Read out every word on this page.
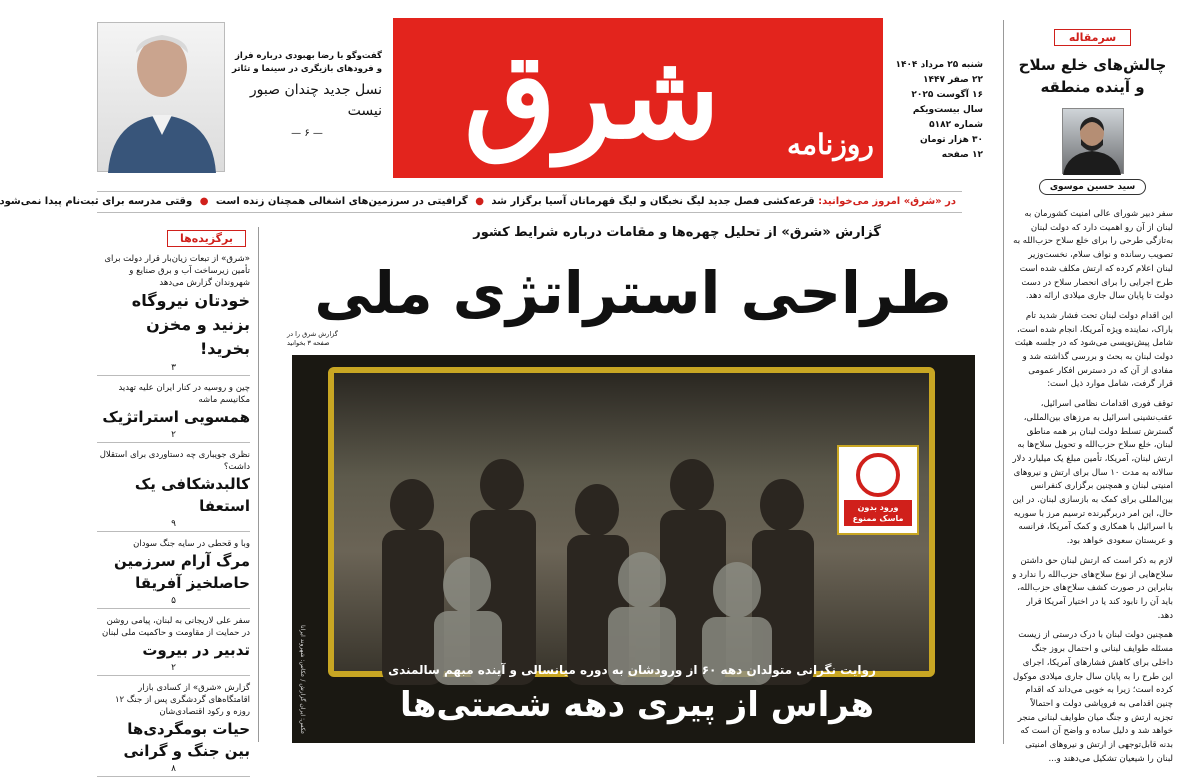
گفت‌وگو با رضا بهبودی درباره فراز و فرودهای بازیگری در سینما و تئاتر
نسل جدید چندان صبور نیست
— ۶ —	شرق	روزنامه
شنبه ۲۵ مرداد ۱۴۰۴
۲۲ صفر ۱۴۴۷
۱۶ آگوست ۲۰۲۵
سال بیست‌ویکم
شماره ۵۱۸۲
۳۰ هزار تومان
۱۲ صفحه
سرمقاله
چالش‌های خلع سلاح و آینده منطقه
سید حسین موسوی
در «شرق» امروز می‌خوانید: قرعه‌کشی فصل جدید لیگ نخبگان و لیگ قهرمانان آسیا برگزار شد ● گرافیتی در سرزمین‌های اشغالی همچنان زنده است ● وقتی مدرسه برای ثبت‌نام پیدا نمی‌شود
برگزیده‌ها
«شرق» از تبعات زیان‌بار قرار دولت برای تأمین زیرساخت آب و برق صنایع و شهروندان گزارش می‌دهد
خودتان نیروگاه بزنید و مخزن بخرید!
۳
چین و روسیه در کنار ایران علیه تهدید مکانیسم ماشه
همسویی استراتژیک
۲
نظری جویباری چه دستاوردی برای استقلال داشت؟
کالبدشکافی یک استعفا
۹
وبا و قحطی در سایه جنگ سودان
مرگ آرام سرزمین حاصلخیز آفریقا
۵
سفر علی لاریجانی به لبنان، پیامی روشن در حمایت از مقاومت و حاکمیت ملی لبنان
تدبیر در بیروت
۲
گزارش «شرق» از کسادی بازار اقامتگاه‌های گردشگری پس از جنگ ۱۲ روزه و رکود اقتصادی‌شان
حیات بومگردی‌ها بین جنگ و گرانی
۸
گزارش «شرق» از تحلیل چهره‌ها و مقامات درباره شرایط کشور
طراحی استراتژی ملی
گزارش شرق را در صفحه ۳ بخوانید
ورود بدون ماسک ممنوع
عکس: ایران گزارش / عکاس: شهروند ایرانا	روایت نگرانی متولدان دهه ۶۰ از ورودشان به دوره میانسالی و آینده مبهم سالمندی
هراس از پیری دهه شصتی‌ها

سفر دبیر شورای عالی امنیت کشورمان به لبنان از آن رو اهمیت دارد که دولت لبنان به‌تازگی طرحی را برای خلع سلاح حزب‌الله به تصویب رسانده و نواف سلام، نخست‌وزیر لبنان اعلام کرده که ارتش مکلف شده است طرح اجرایی را برای انحصار سلاح در دست دولت تا پایان سال جاری میلادی ارائه دهد.

این اقدام دولت لبنان تحت فشار شدید تام باراک، نماینده ویژه آمریکا، انجام شده است، شامل پیش‌نویسی می‌شود که در جلسه هیئت دولت لبنان به بحث و بررسی گذاشته شد و مفادی از آن که در دسترس افکار عمومی قرار گرفت، شامل موارد ذیل است:

توقف فوری اقدامات نظامی اسرائیل، عقب‌نشینی اسرائیل به مرزهای بین‌المللی، گسترش تسلط دولت لبنان بر همه مناطق لبنان، خلع سلاح حزب‌الله و تحویل سلاح‌ها به ارتش لبنان، آمریکا، تأمین مبلغ یک میلیارد دلار سالانه به مدت ۱۰ سال برای ارتش و نیروهای امنیتی لبنان و همچنین برگزاری کنفرانس بین‌المللی برای کمک به بازسازی لبنان. در این حال، این امر دربرگیرنده ترسیم مرز با سوریه با اسرائیل با همکاری و کمک آمریکا، فرانسه و عربستان سعودی خواهد بود.

لازم به ذکر است که ارتش لبنان حق داشتن سلاح‌هایی از نوع سلاح‌های حزب‌الله را ندارد و بنابراین در صورت کشف سلاح‌های حزب‌الله، باید آن را نابود کند یا در اختیار آمریکا قرار دهد.

همچنین دولت لبنان با درک درستی از زیست مسئله طوایف لبنانی و احتمال بروز جنگ داخلی برای کاهش فشارهای آمریکا، اجرای این طرح را به پایان سال جاری میلادی موکول کرده است؛ زیرا به خوبی می‌داند که اقدام چنین اقدامی به فروپاشی دولت و احتمالاً تجزیه ارتش و جنگ میان طوایف لبنانی منجر خواهد شد و دلیل ساده و واضح آن است که بدنه قابل‌توجهی از ارتش و نیروهای امنیتی لبنان را شیعیان تشکیل می‌دهند و...
